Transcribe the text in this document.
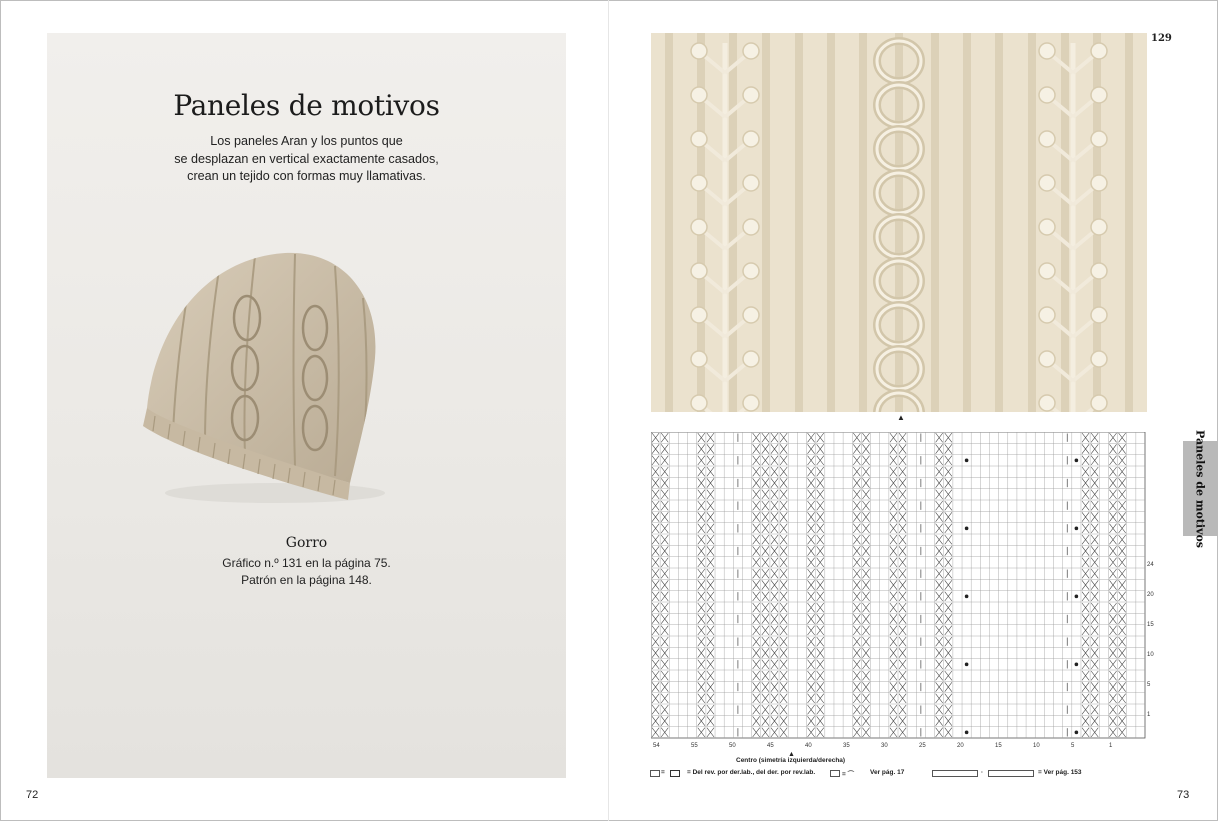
Paneles de motivos
Los paneles Aran y los puntos que
se desplazan en vertical exactamente casados,
crean un tejido con formas muy llamativas.
Gorro
Gráfico n.º 131 en la página 75.
Patrón en la página 148.
72
129
▲
Paneles de motivos
24
20
15
10
5
1
54	55	50	45	40	35	30	25	20	15	10	5	1
▲
Centro (simetría izquierda/derecha)
=	= Del rev. por der.lab., del der. por rev.lab.	= ⌒ Ver pág. 17	·	= Ver pág. 153
73
